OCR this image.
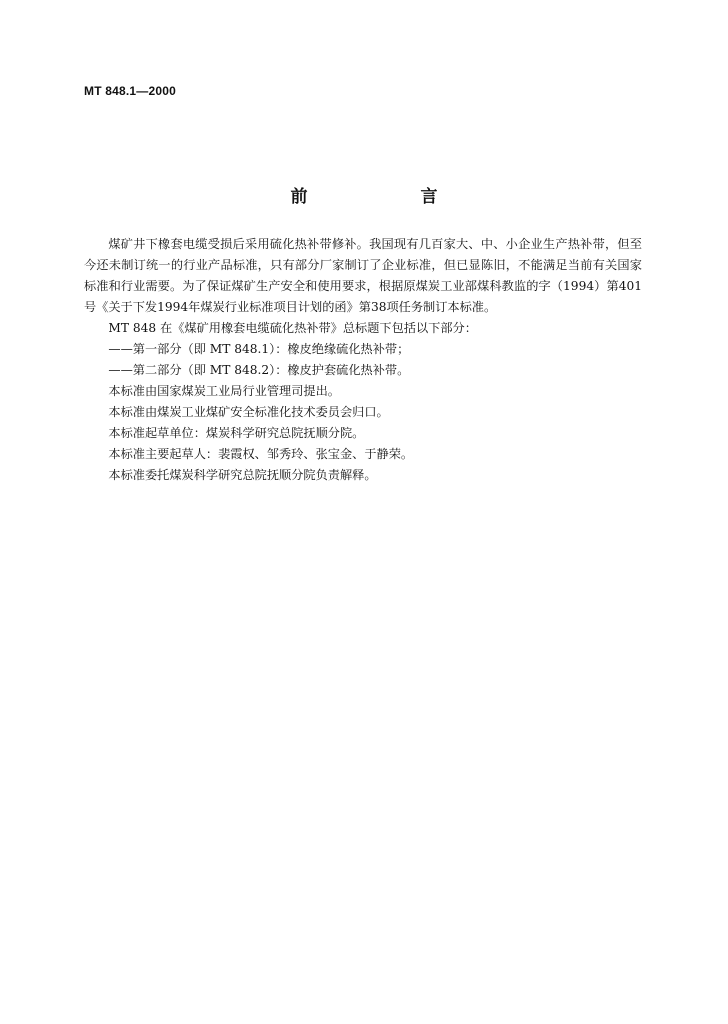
MT 848.1—2000
前　言

煤矿井下橡套电缆受损后采用硫化热补带修补。我国现有几百家大、中、小企业生产热补带，但至今还未制订统一的行业产品标准，只有部分厂家制订了企业标准，但已显陈旧，不能满足当前有关国家标准和行业需要。为了保证煤矿生产安全和使用要求，根据原煤炭工业部煤科教监的字（1994）第401号《关于下发1994年煤炭行业标准项目计划的函》第38项任务制订本标准。

MT 848 在《煤矿用橡套电缆硫化热补带》总标题下包括以下部分：

——第一部分（即 MT 848.1）：橡皮绝缘硫化热补带；

——第二部分（即 MT 848.2）：橡皮护套硫化热补带。

本标准由国家煤炭工业局行业管理司提出。

本标准由煤炭工业煤矿安全标准化技术委员会归口。

本标准起草单位：煤炭科学研究总院抚顺分院。

本标准主要起草人：裴霞权、邹秀玲、张宝金、于静荣。

本标准委托煤炭科学研究总院抚顺分院负责解释。
